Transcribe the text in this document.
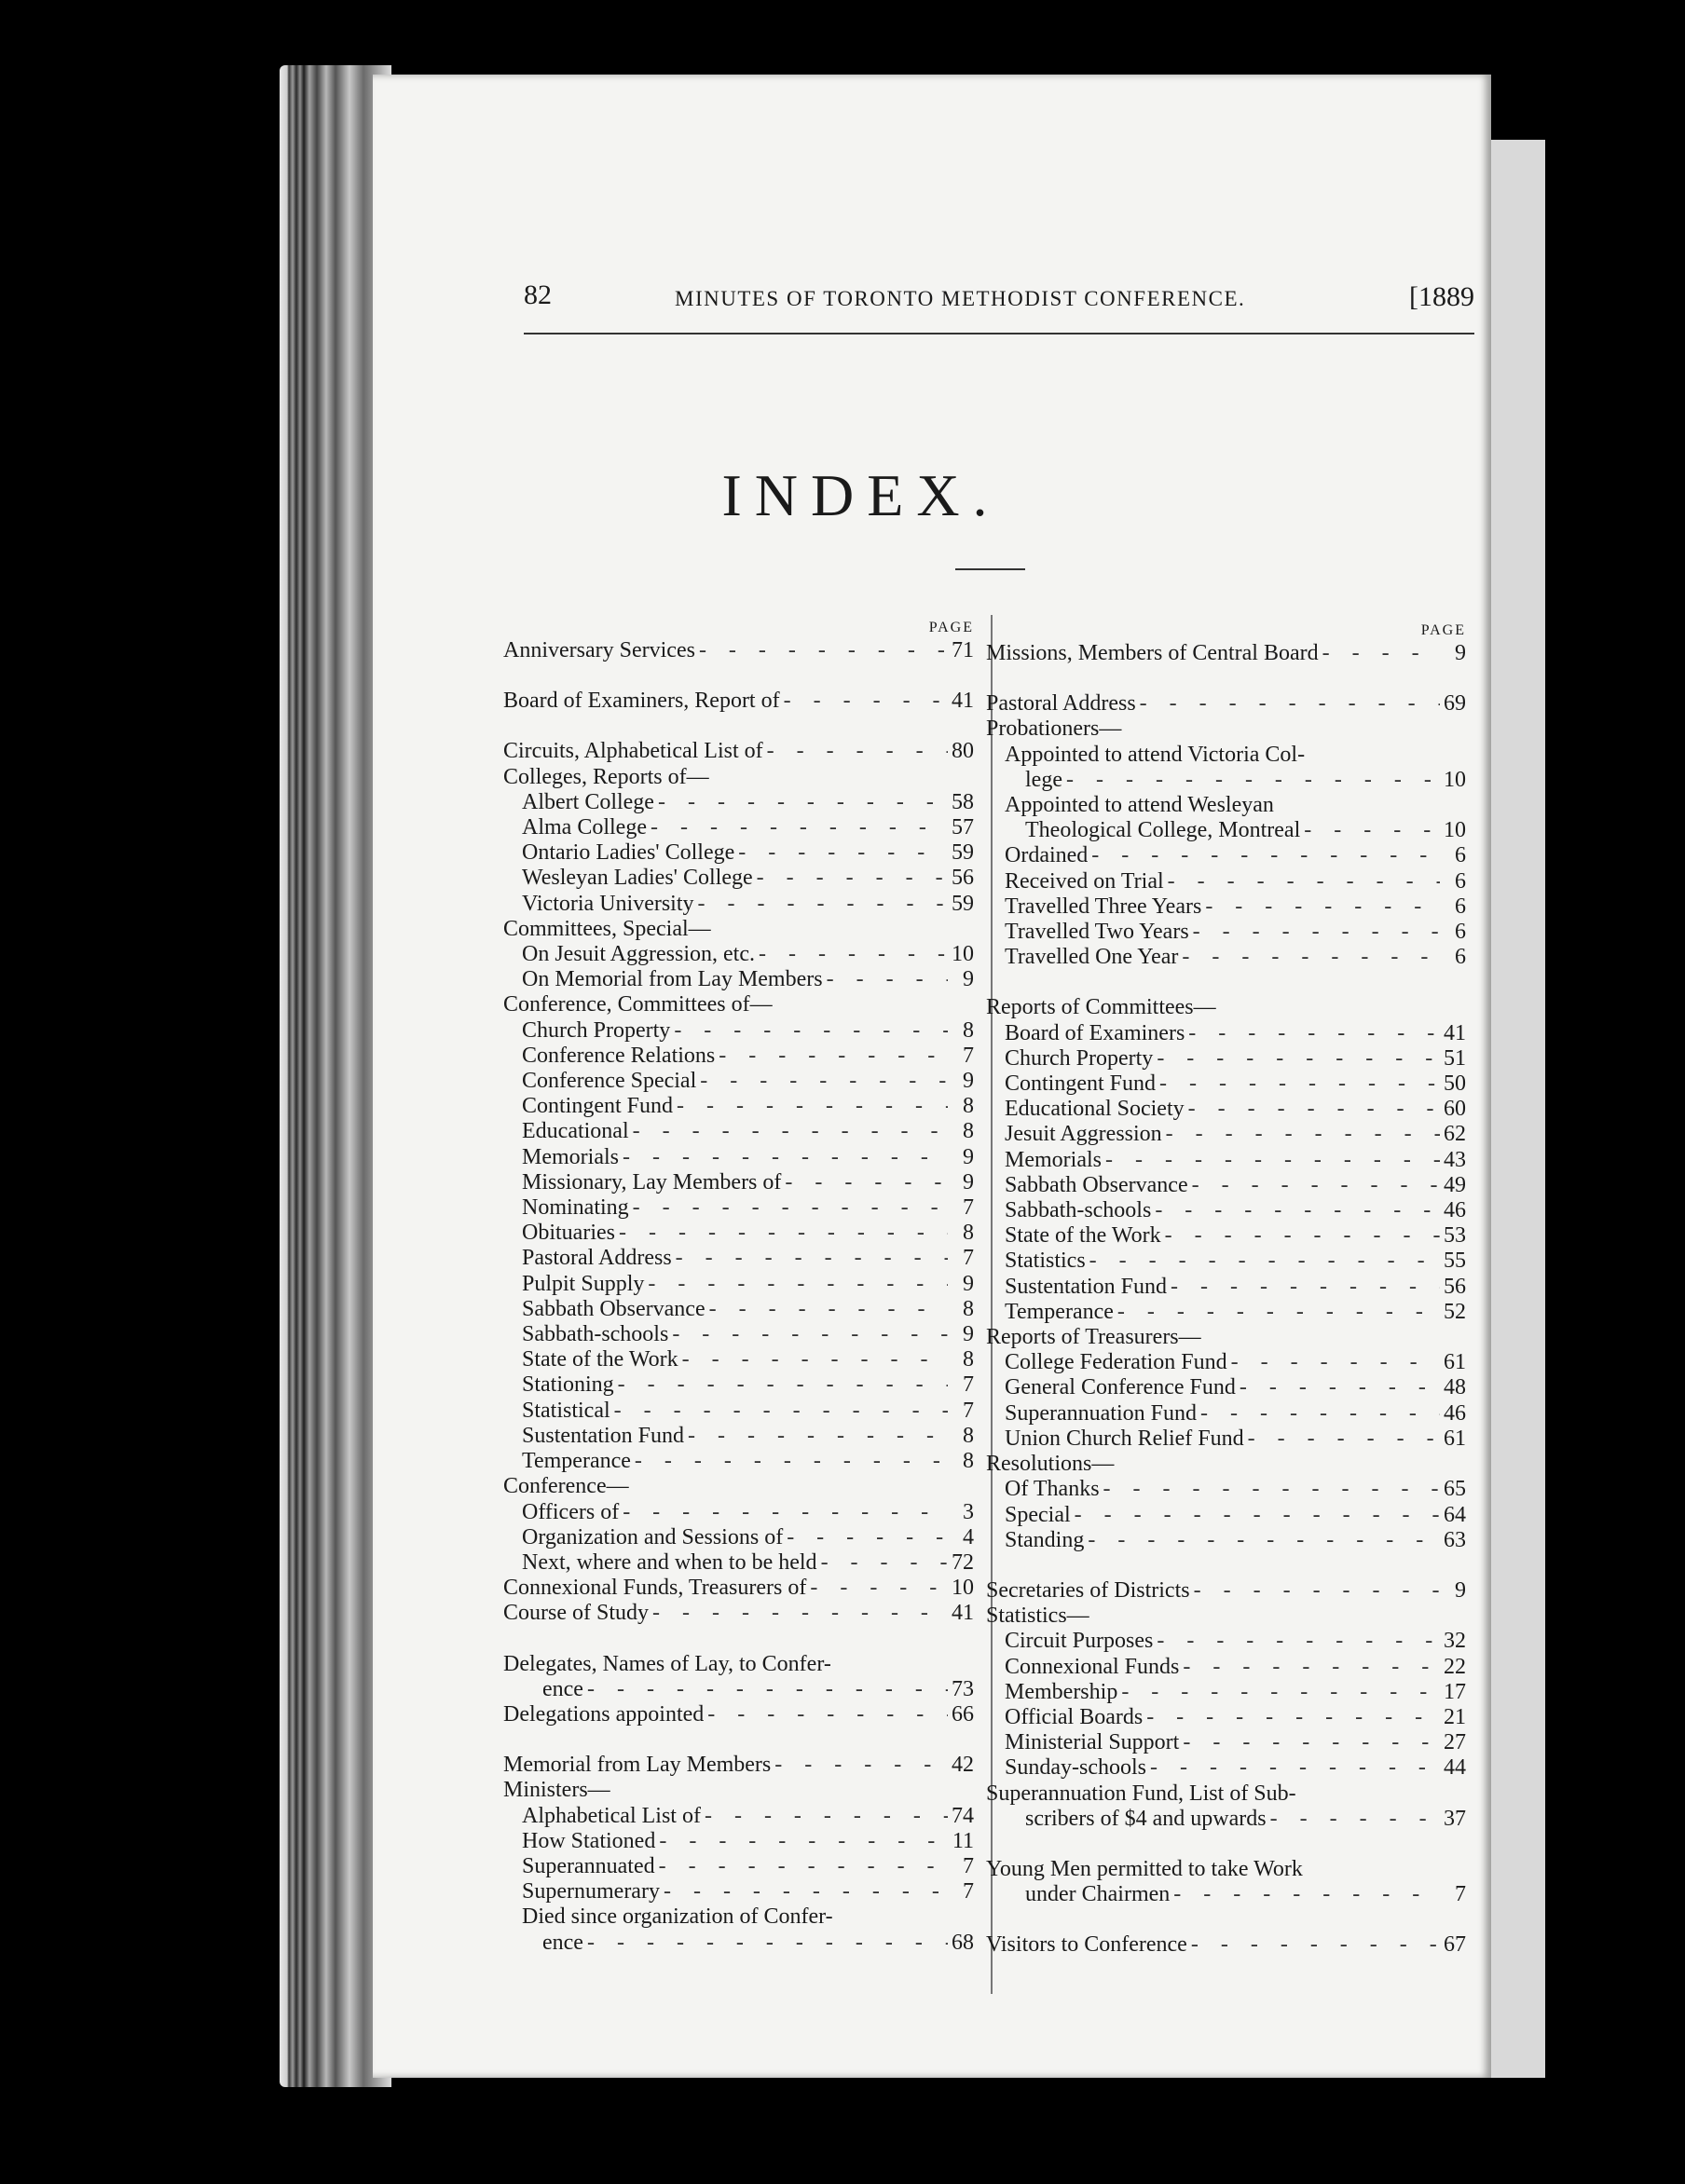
82	MINUTES OF TORONTO METHODIST CONFERENCE.	[1889
INDEX.
PAGE
Anniversary Services - - -	71
Board of Examiners, Report of - - -	41
Circuits, Alphabetical List of - - -	80
Colleges, Reports of—
Albert College - - -	58
Alma College - - -	57
Ontario Ladies' College - - -	59
Wesleyan Ladies' College - - -	56
Victoria University - - -	59
Committees, Special—
On Jesuit Aggression, etc. - - -	10
On Memorial from Lay Members - - -	9
Conference, Committees of—
Church Property - - -	8
Conference Relations - - -	7
Conference Special - - -	9
Contingent Fund - - -	8
Educational - - -	8
Memorials - - -	9
Missionary, Lay Members of - - -	9
Nominating - - -	7
Obituaries - - -	8
Pastoral Address - - -	7
Pulpit Supply - - -	9
Sabbath Observance - - -	8
Sabbath-schools - - -	9
State of the Work - - -	8
Stationing - - -	7
Statistical - - -	7
Sustentation Fund - - -	8
Temperance - - -	8
Conference—
Officers of - - -	3
Organization and Sessions of - - -	4
Next, where and when to be held - - -	72
Connexional Funds, Treasurers of - - -	10
Course of Study - - -	41
Delegates, Names of Lay, to Confer-
ence - - -	73
Delegations appointed - - -	66
Memorial from Lay Members - - -	42
Ministers—
Alphabetical List of - - -	74
How Stationed - - -	11
Superannuated - - -	7
Supernumerary - - -	7
Died since organization of Confer-
ence - - -	68
PAGE
Missions, Members of Central Board - - -	9
Pastoral Address - - -	69
Probationers—
Appointed to attend Victoria Col-
lege - - -	10
Appointed to attend Wesleyan
Theological College, Montreal - - -	10
Ordained - - -	6
Received on Trial - - -	6
Travelled Three Years - - -	6
Travelled Two Years - - -	6
Travelled One Year - - -	6
Reports of Committees—
Board of Examiners - - -	41
Church Property - - -	51
Contingent Fund - - -	50
Educational Society - - -	60
Jesuit Aggression - - -	62
Memorials - - -	43
Sabbath Observance - - -	49
Sabbath-schools - - -	46
State of the Work - - -	53
Statistics - - -	55
Sustentation Fund - - -	56
Temperance - - -	52
Reports of Treasurers—
College Federation Fund - - -	61
General Conference Fund - - -	48
Superannuation Fund - - -	46
Union Church Relief Fund - - -	61
Resolutions—
Of Thanks - - -	65
Special - - -	64
Standing - - -	63
Secretaries of Districts - - -	9
Statistics—
Circuit Purposes - - -	32
Connexional Funds - - -	22
Membership - - -	17
Official Boards - - -	21
Ministerial Support - - -	27
Sunday-schools - - -	44
Superannuation Fund, List of Sub-
scribers of $4 and upwards - - -	37
Young Men permitted to take Work
under Chairmen - - -	7
Visitors to Conference - - -	67
